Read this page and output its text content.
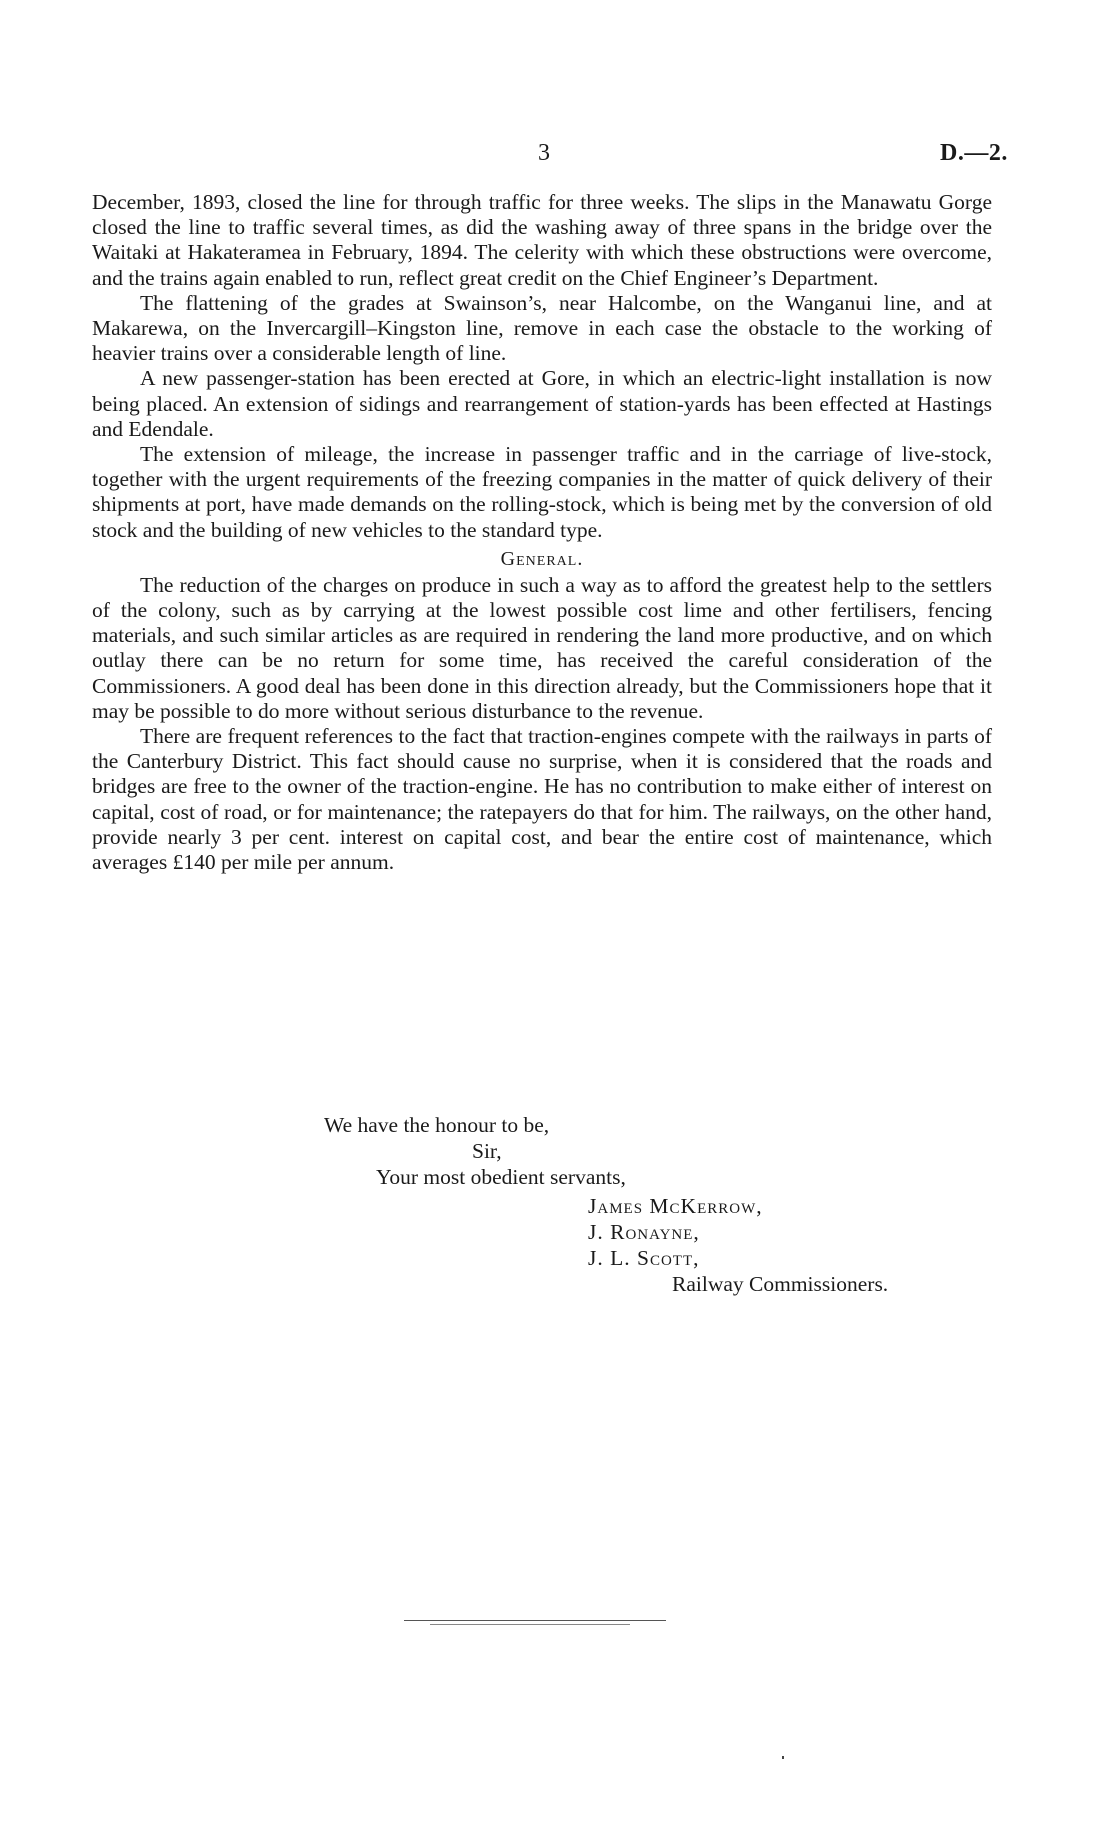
3	D.—2.

December, 1893, closed the line for through traffic for three weeks. The slips in the Manawatu Gorge closed the line to traffic several times, as did the washing away of three spans in the bridge over the Waitaki at Hakateramea in February, 1894. The celerity with which these obstructions were overcome, and the trains again enabled to run, reflect great credit on the Chief Engineer’s Department.

The flattening of the grades at Swainson’s, near Halcombe, on the Wanganui line, and at Makarewa, on the Invercargill–Kingston line, remove in each case the obstacle to the working of heavier trains over a considerable length of line.

A new passenger-station has been erected at Gore, in which an electric-light installation is now being placed. An extension of sidings and rearrangement of station-yards has been effected at Hastings and Edendale.

The extension of mileage, the increase in passenger traffic and in the carriage of live-stock, together with the urgent requirements of the freezing companies in the matter of quick delivery of their shipments at port, have made demands on the rolling-stock, which is being met by the conversion of old stock and the building of new vehicles to the standard type.

General.

The reduction of the charges on produce in such a way as to afford the greatest help to the settlers of the colony, such as by carrying at the lowest possible cost lime and other fertilisers, fencing materials, and such similar articles as are required in rendering the land more productive, and on which outlay there can be no return for some time, has received the careful consideration of the Commissioners. A good deal has been done in this direction already, but the Commissioners hope that it may be possible to do more without serious disturbance to the revenue.

There are frequent references to the fact that traction-engines compete with the railways in parts of the Canterbury District. This fact should cause no surprise, when it is considered that the roads and bridges are free to the owner of the traction-engine. He has no contribution to make either of interest on capital, cost of road, or for maintenance; the ratepayers do that for him. The railways, on the other hand, provide nearly 3 per cent. interest on capital cost, and bear the entire cost of maintenance, which averages £140 per mile per annum.

We have the honour to be,
Sir,
Your most obedient servants,
James McKerrow,
J. Ronayne,
J. L. Scott,
Railway Commissioners.
